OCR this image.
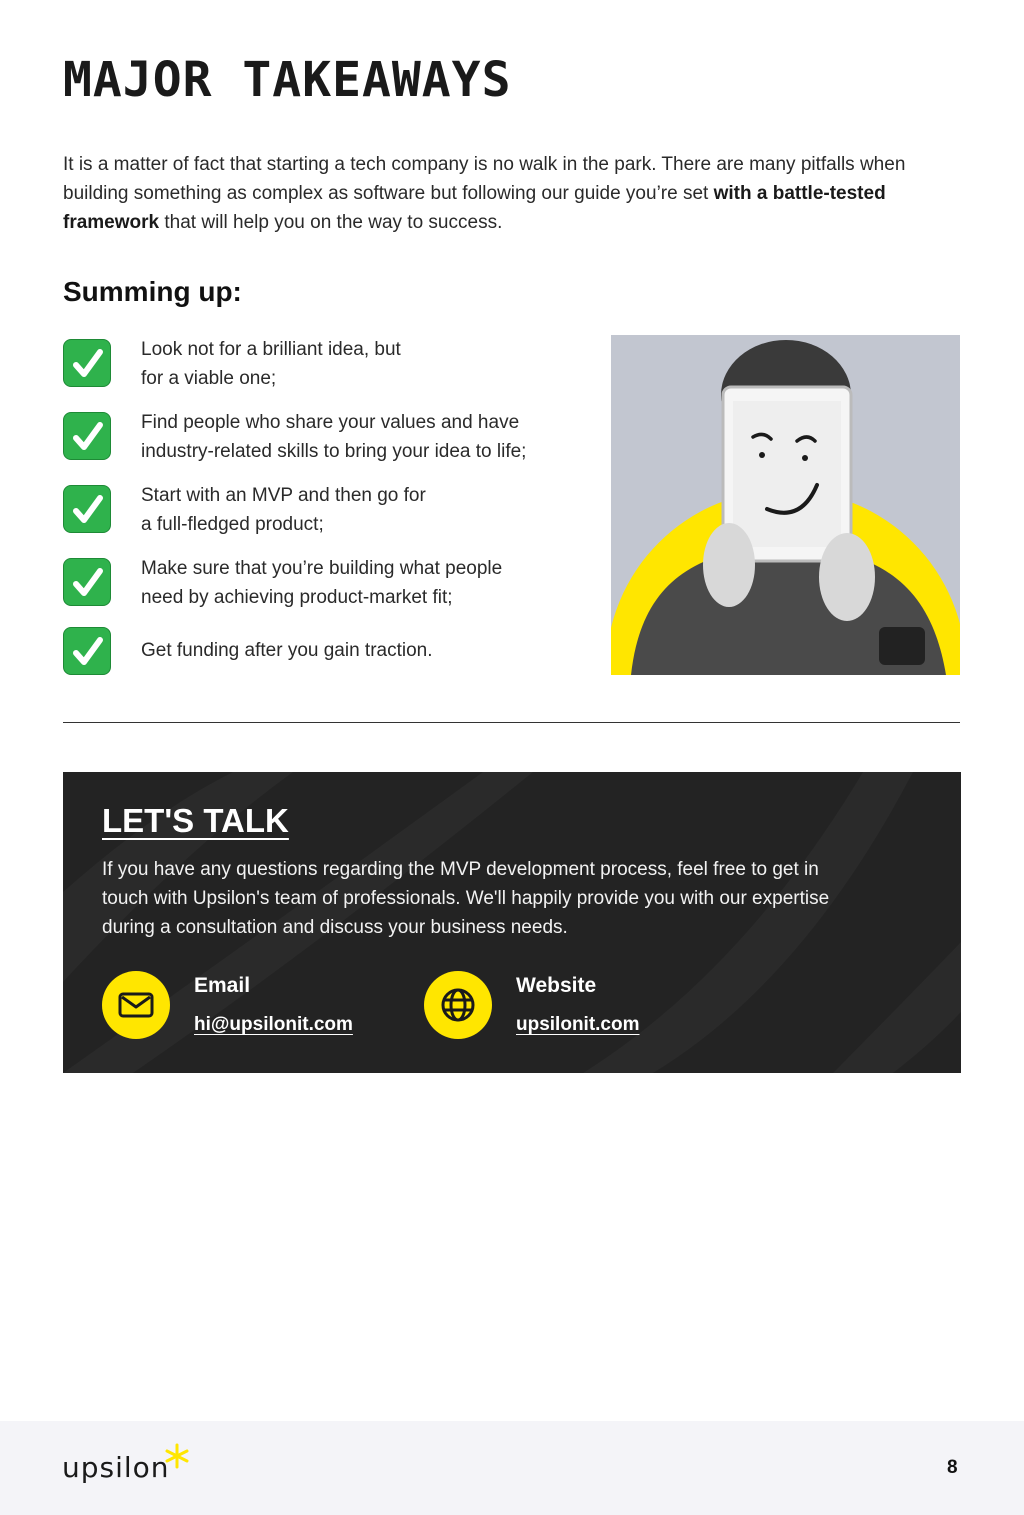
MAJOR TAKEAWAYS

It is a matter of fact that starting a tech company is no walk in the park. There are many pitfalls when building something as complex as software but following our guide you’re set with a battle-tested framework that will help you on the way to success.

Summing up:
Look not for a brilliant idea, but
for a viable one;
Find people who share your values and have
industry-related skills to bring your idea to life;
Start with an MVP and then go for
a full-fledged product;
Make sure that you’re building what people
need by achieving product-market fit;
Get funding after you gain traction.
LET'S TALK

If you have any questions regarding the MVP development process, feel free to get in touch with Upsilon's team of professionals. We'll happily provide you with our expertise during a consultation and discuss your business needs.

Email
hi@upsilonit.com
Website
upsilonit.com
upsilon	8
